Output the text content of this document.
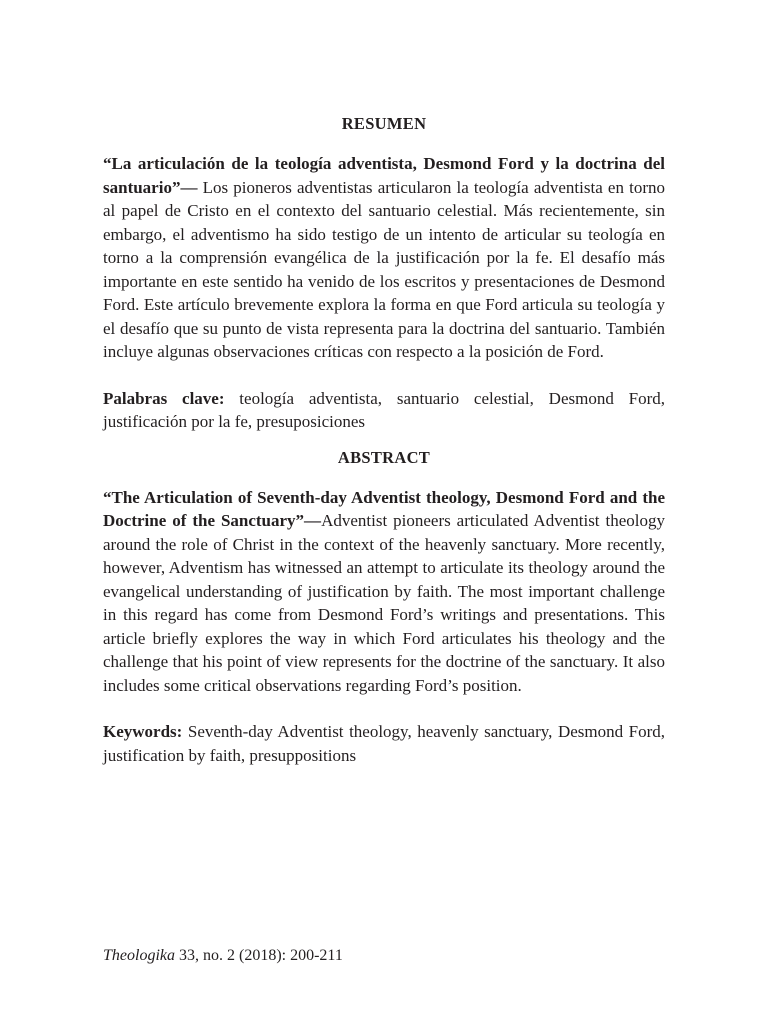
RESUMEN

“La articulación de la teología adventista, Desmond Ford y la doctrina del santuario”— Los pioneros adventistas articularon la teología adventista en torno al papel de Cristo en el contexto del santuario celestial. Más recientemente, sin embargo, el adventismo ha sido testigo de un intento de articular su teología en torno a la comprensión evangélica de la justificación por la fe. El desafío más importante en este sentido ha venido de los escritos y presentaciones de Desmond Ford. Este artículo brevemente explora la forma en que Ford articula su teología y el desafío que su punto de vista representa para la doctrina del santuario. También incluye algunas observaciones críticas con respecto a la posición de Ford.

Palabras clave: teología adventista, santuario celestial, Desmond Ford, justificación por la fe, presuposiciones

ABSTRACT

“The Articulation of Seventh-day Adventist theology, Desmond Ford and the Doctrine of the Sanctuary”—Adventist pioneers articulated Adventist theology around the role of Christ in the context of the heavenly sanctuary. More recently, however, Adventism has witnessed an attempt to articulate its theology around the evangelical understanding of justification by faith. The most important challenge in this regard has come from Desmond Ford’s writings and presentations. This article briefly explores the way in which Ford articulates his theology and the challenge that his point of view represents for the doctrine of the sanctuary. It also includes some critical observations regarding Ford’s position.

Keywords: Seventh-day Adventist theology, heavenly sanctuary, Desmond Ford, justification by faith, presuppositions

Theologika 33, no. 2 (2018): 200-211
